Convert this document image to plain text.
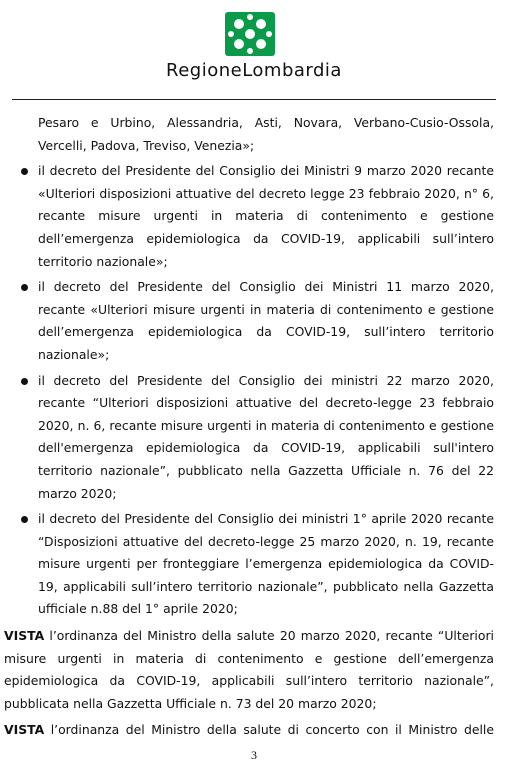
RegioneLombardia

Pesaro e Urbino, Alessandria, Asti, Novara, Verbano-Cusio-Ossola, Vercelli, Padova, Treviso, Venezia»;

il decreto del Presidente del Consiglio dei Ministri 9 marzo 2020 recante «Ulteriori disposizioni attuative del decreto legge 23 febbraio 2020, n° 6, recante misure urgenti in materia di contenimento e gestione dell’emergenza epidemiologica da COVID-19, applicabili sull’intero territorio nazionale»;

il decreto del Presidente del Consiglio dei Ministri 11 marzo 2020, recante «Ulteriori misure urgenti in materia di contenimento e gestione dell’emergenza epidemiologica da COVID-19, sull’intero territorio nazionale»;

il decreto del Presidente del Consiglio dei ministri 22 marzo 2020, recante “Ulteriori disposizioni attuative del decreto-legge 23 febbraio 2020, n. 6, recante misure urgenti in materia di contenimento e gestione dell'emergenza epidemiologica da COVID-19, applicabili sull'intero territorio nazionale”, pubblicato nella Gazzetta Ufficiale n. 76 del 22 marzo 2020;

il decreto del Presidente del Consiglio dei ministri 1° aprile 2020 recante “Disposizioni attuative del decreto-legge 25 marzo 2020, n. 19, recante misure urgenti per fronteggiare l’emergenza epidemiologica da COVID-19, applicabili sull’intero territorio nazionale”, pubblicato nella Gazzetta ufficiale n.88 del 1° aprile 2020;

VISTA l’ordinanza del Ministro della salute 20 marzo 2020, recante “Ulteriori misure urgenti in materia di contenimento e gestione dell’emergenza epidemiologica da COVID-19, applicabili sull’intero territorio nazionale”, pubblicata nella Gazzetta Ufficiale n. 73 del 20 marzo 2020;

VISTA l’ordinanza del Ministro della salute di concerto con il Ministro delle

3
